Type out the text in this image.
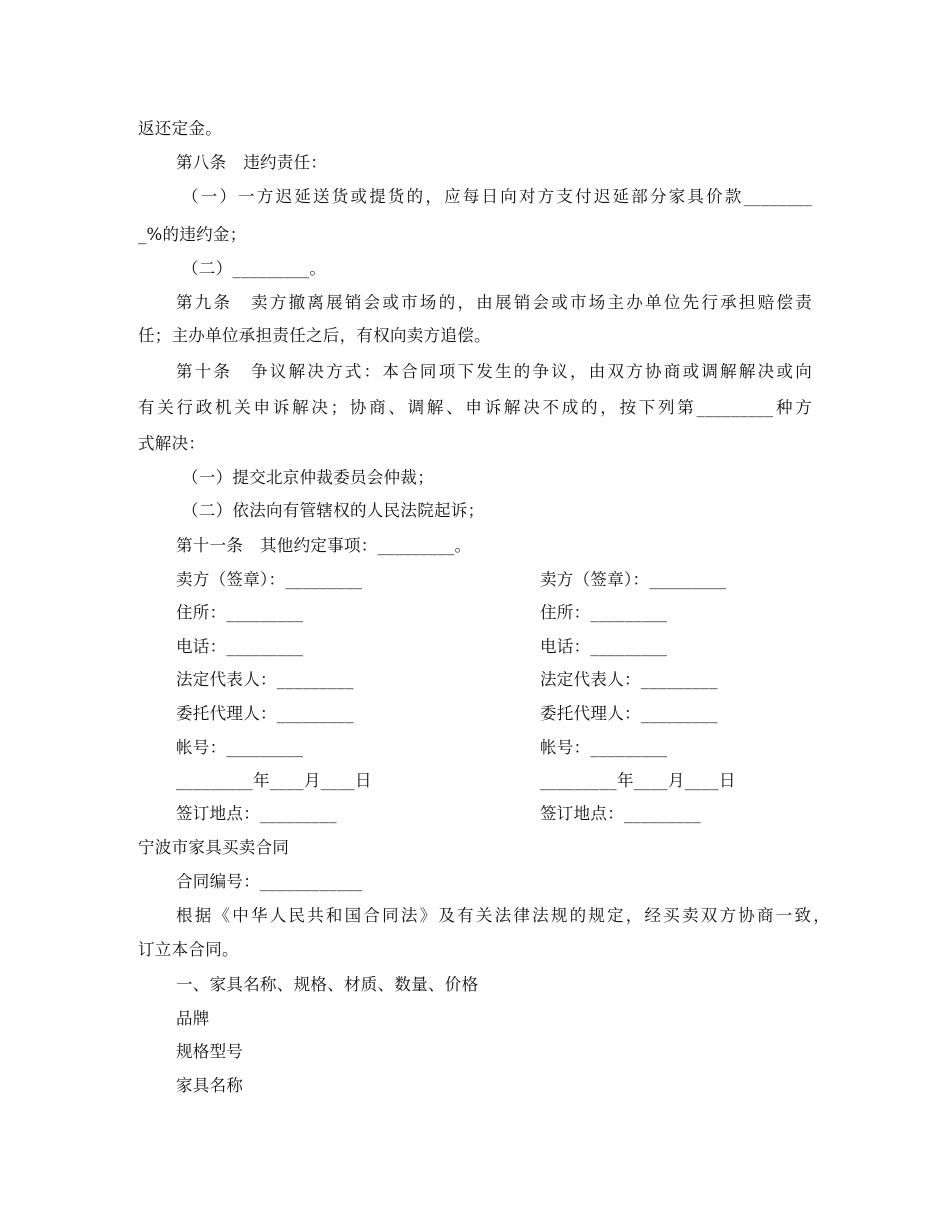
返还定金。
第八条　违约责任：
（一）一方迟延送货或提货的，应每日向对方支付迟延部分家具价款________
_%的违约金；
（二）_________。
第九条　卖方撤离展销会或市场的，由展销会或市场主办单位先行承担赔偿责
任；主办单位承担责任之后，有权向卖方追偿。
第十条　争议解决方式：本合同项下发生的争议，由双方协商或调解解决或向
有关行政机关申诉解决；协商、调解、申诉解决不成的，按下列第_________种方
式解决：
（一）提交北京仲裁委员会仲裁；
（二）依法向有管辖权的人民法院起诉；
第十一条　其他约定事项：_________。
卖方（签章）：_________
住所：_________
电话：_________
法定代表人：_________
委托代理人：_________
帐号：_________
_________年____月____日
签订地点：_________
卖方（签章）：_________
住所：_________
电话：_________
法定代表人：_________
委托代理人：_________
帐号：_________
_________年____月____日
签订地点：_________
宁波市家具买卖合同
合同编号：____________
根据《中华人民共和国合同法》及有关法律法规的规定，经买卖双方协商一致，
订立本合同。
一、家具名称、规格、材质、数量、价格
品牌
规格型号
家具名称
